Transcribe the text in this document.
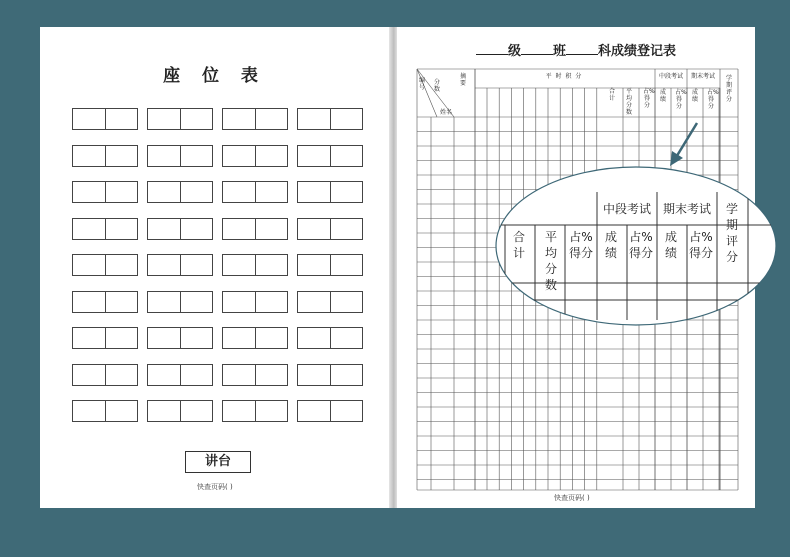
座 位 表
讲台
快查页码( )
级 班 科成绩登记表
编号
分数
摘要
姓名
平 时 积 分
合计
平均分数
占%得分
中段考试	期末考试
成绩
占%得分
成绩
占%得分
学期评分
快查页码( )
中段考试 期末考试	学期评分
合计
平均分数
占%得分
成绩
占%得分
成绩
占%得分
